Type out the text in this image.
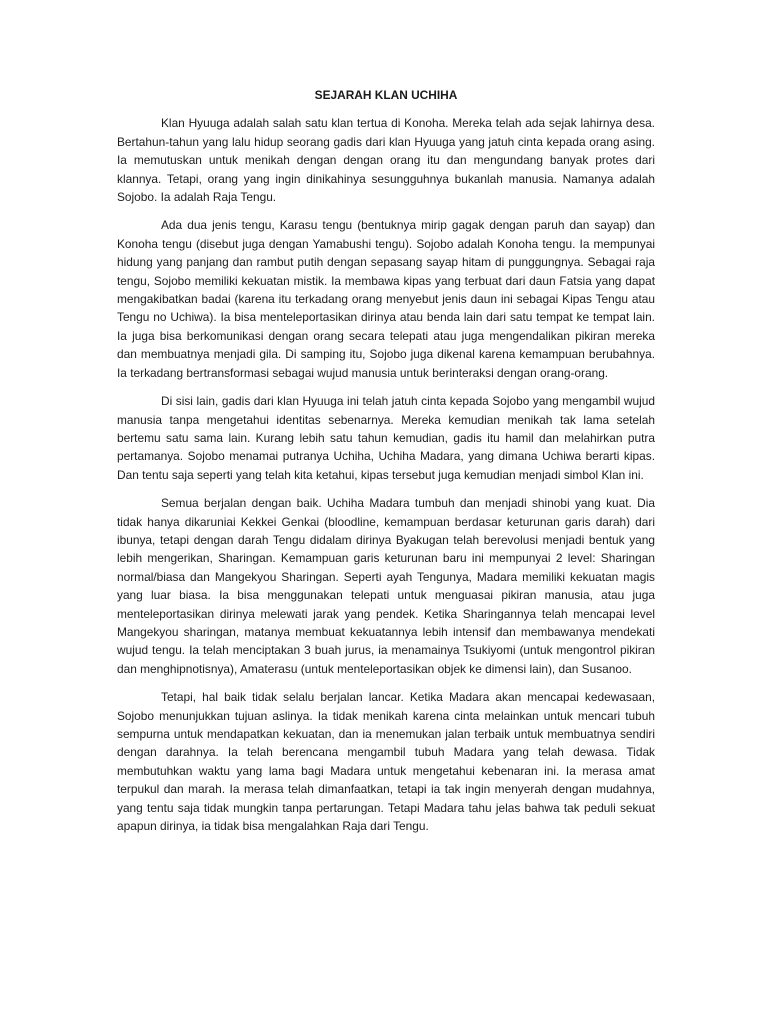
SEJARAH KLAN UCHIHA

Klan Hyuuga adalah salah satu klan tertua di Konoha. Mereka telah ada sejak lahirnya desa. Bertahun-tahun yang lalu hidup seorang gadis dari klan Hyuuga yang jatuh cinta kepada orang asing. Ia memutuskan untuk menikah dengan dengan orang itu dan mengundang banyak protes dari klannya. Tetapi, orang yang ingin dinikahinya sesungguhnya bukanlah manusia. Namanya adalah Sojobo. Ia adalah Raja Tengu.

Ada dua jenis tengu, Karasu tengu (bentuknya mirip gagak dengan paruh dan sayap) dan Konoha tengu (disebut juga dengan Yamabushi tengu). Sojobo adalah Konoha tengu. Ia mempunyai hidung yang panjang dan rambut putih dengan sepasang sayap hitam di punggungnya. Sebagai raja tengu, Sojobo memiliki kekuatan mistik. Ia membawa kipas yang terbuat dari daun Fatsia yang dapat mengakibatkan badai (karena itu terkadang orang menyebut jenis daun ini sebagai Kipas Tengu atau Tengu no Uchiwa). Ia bisa menteleportasikan dirinya atau benda lain dari satu tempat ke tempat lain. Ia juga bisa berkomunikasi dengan orang secara telepati atau juga mengendalikan pikiran mereka dan membuatnya menjadi gila. Di samping itu, Sojobo juga dikenal karena kemampuan berubahnya. Ia terkadang bertransformasi sebagai wujud manusia untuk berinteraksi dengan orang-orang.

Di sisi lain, gadis dari klan Hyuuga ini telah jatuh cinta kepada Sojobo yang mengambil wujud manusia tanpa mengetahui identitas sebenarnya. Mereka kemudian menikah tak lama setelah bertemu satu sama lain. Kurang lebih satu tahun kemudian, gadis itu hamil dan melahirkan putra pertamanya. Sojobo menamai putranya Uchiha, Uchiha Madara, yang dimana Uchiwa berarti kipas. Dan tentu saja seperti yang telah kita ketahui, kipas tersebut juga kemudian menjadi simbol Klan ini.

Semua berjalan dengan baik. Uchiha Madara tumbuh dan menjadi shinobi yang kuat. Dia tidak hanya dikaruniai Kekkei Genkai (bloodline, kemampuan berdasar keturunan garis darah) dari ibunya, tetapi dengan darah Tengu didalam dirinya Byakugan telah berevolusi menjadi bentuk yang lebih mengerikan, Sharingan. Kemampuan garis keturunan baru ini mempunyai 2 level: Sharingan normal/biasa dan Mangekyou Sharingan. Seperti ayah Tengunya, Madara memiliki kekuatan magis yang luar biasa. Ia bisa menggunakan telepati untuk menguasai pikiran manusia, atau juga menteleportasikan dirinya melewati jarak yang pendek. Ketika Sharingannya telah mencapai level Mangekyou sharingan, matanya membuat kekuatannya lebih intensif dan membawanya mendekati wujud tengu. Ia telah menciptakan 3 buah jurus, ia menamainya Tsukiyomi (untuk mengontrol pikiran dan menghipnotisnya), Amaterasu (untuk menteleportasikan objek ke dimensi lain), dan Susanoo.

Tetapi, hal baik tidak selalu berjalan lancar. Ketika Madara akan mencapai kedewasaan, Sojobo menunjukkan tujuan aslinya. Ia tidak menikah karena cinta melainkan untuk mencari tubuh sempurna untuk mendapatkan kekuatan, dan ia menemukan jalan terbaik untuk membuatnya sendiri dengan darahnya. Ia telah berencana mengambil tubuh Madara yang telah dewasa. Tidak membutuhkan waktu yang lama bagi Madara untuk mengetahui kebenaran ini. Ia merasa amat terpukul dan marah. Ia merasa telah dimanfaatkan, tetapi ia tak ingin menyerah dengan mudahnya, yang tentu saja tidak mungkin tanpa pertarungan. Tetapi Madara tahu jelas bahwa tak peduli sekuat apapun dirinya, ia tidak bisa mengalahkan Raja dari Tengu.
